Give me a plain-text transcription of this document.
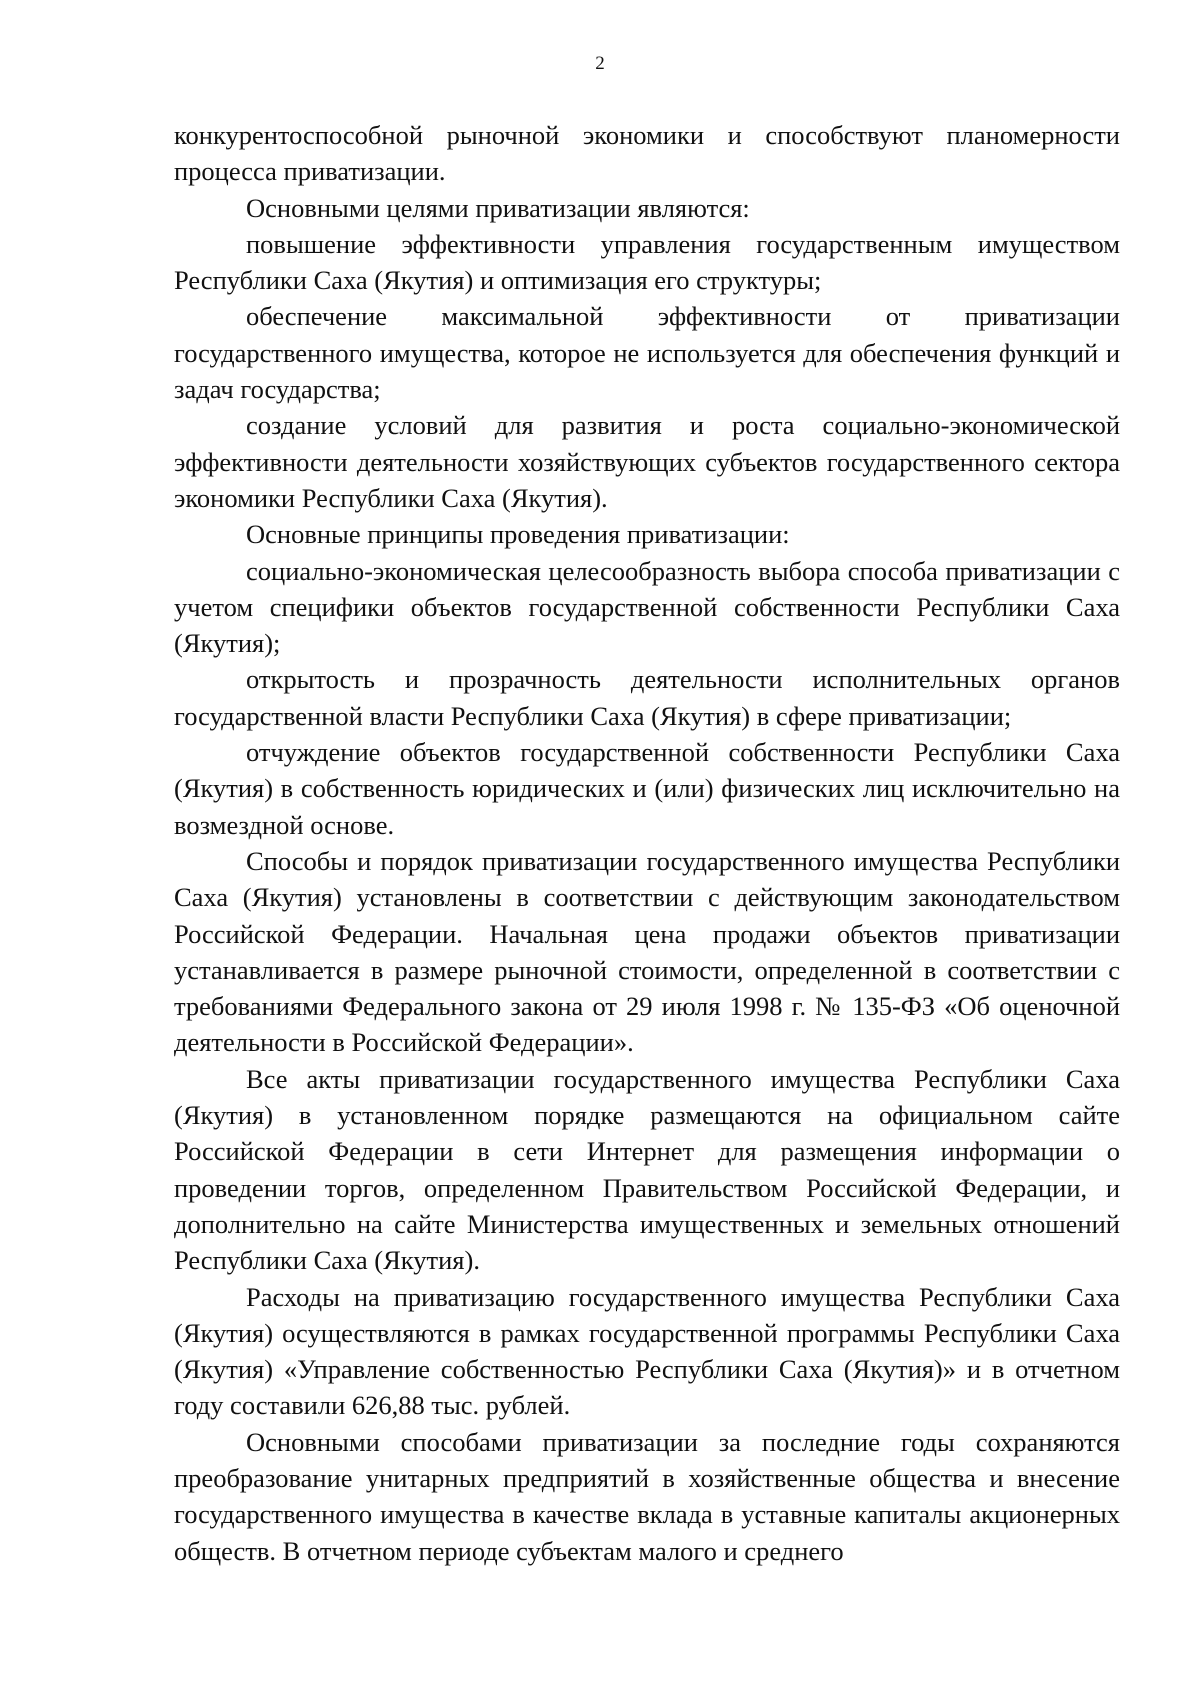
2

конкурентоспособной рыночной экономики и способствуют планомерности процесса приватизации.

Основными целями приватизации являются:

повышение эффективности управления государственным имуществом Республики Саха (Якутия) и оптимизация его структуры;

обеспечение максимальной эффективности от приватизации государственного имущества, которое не используется для обеспечения функций и задач государства;

создание условий для развития и роста социально-экономической эффективности деятельности хозяйствующих субъектов государственного сектора экономики Республики Саха (Якутия).

Основные принципы проведения приватизации:

социально-экономическая целесообразность выбора способа приватизации с учетом специфики объектов государственной собственности Республики Саха (Якутия);

открытость и прозрачность деятельности исполнительных органов государственной власти Республики Саха (Якутия) в сфере приватизации;

отчуждение объектов государственной собственности Республики Саха (Якутия) в собственность юридических и (или) физических лиц исключительно на возмездной основе.

Способы и порядок приватизации государственного имущества Республики Саха (Якутия) установлены в соответствии с действующим законодательством Российской Федерации. Начальная цена продажи объектов приватизации устанавливается в размере рыночной стоимости, определенной в соответствии с требованиями Федерального закона от 29 июля 1998 г. № 135-ФЗ «Об оценочной деятельности в Российской Федерации».

Все акты приватизации государственного имущества Республики Саха (Якутия) в установленном порядке размещаются на официальном сайте Российской Федерации в сети Интернет для размещения информации о проведении торгов, определенном Правительством Российской Федерации, и дополнительно на сайте Министерства имущественных и земельных отношений Республики Саха (Якутия).

Расходы на приватизацию государственного имущества Республики Саха (Якутия) осуществляются в рамках государственной программы Республики Саха (Якутия) «Управление собственностью Республики Саха (Якутия)» и в отчетном году составили 626,88 тыс. рублей.

Основными способами приватизации за последние годы сохраняются преобразование унитарных предприятий в хозяйственные общества и внесение государственного имущества в качестве вклада в уставные капиталы акционерных обществ. В отчетном периоде субъектам малого и среднего
